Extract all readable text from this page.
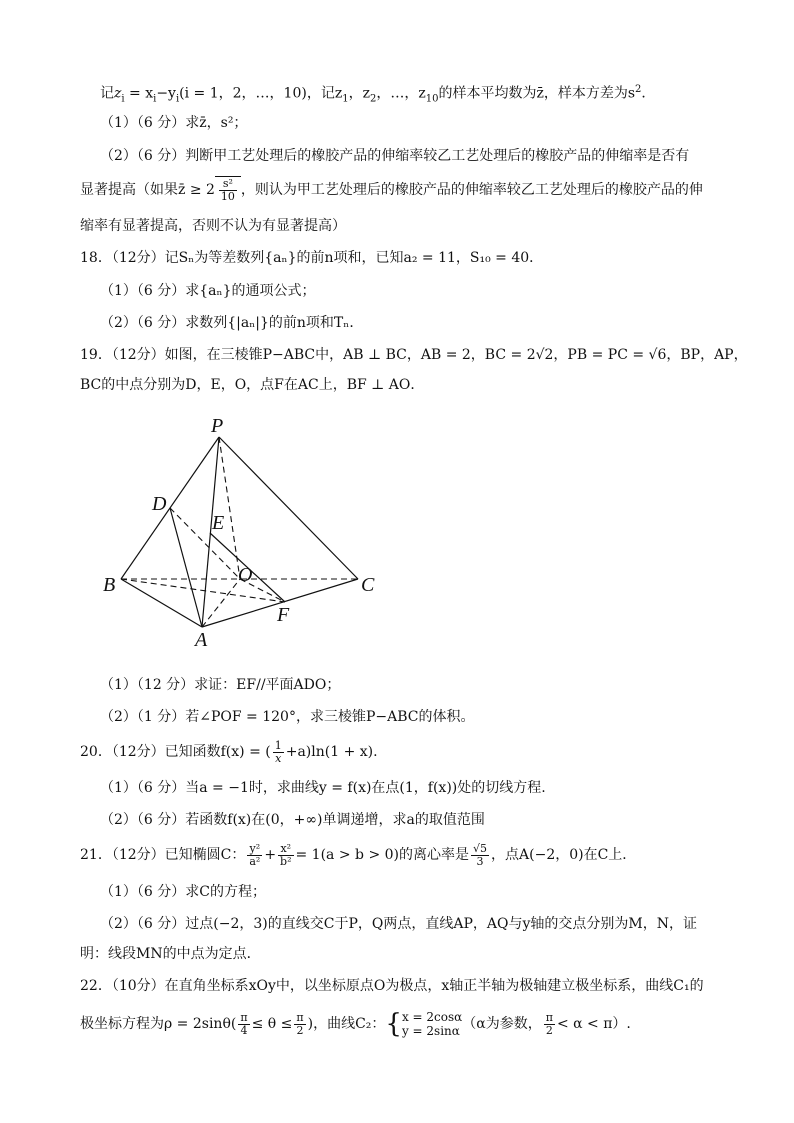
记$z_i = x_i-y_i(i = 1$，2，…，10)，记$z_1$，$z_2$，…，$z_{10}$的样本平均数为z̄，样本方差为$s^2$．
（1）（6 分）求z̄，s²；
（2）（6 分）判断甲工艺处理后的橡胶产品的伸缩率较乙工艺处理后的橡胶产品的伸缩率是否有
显著提高（如果z̄ ≥ $2 \frac{\text{s²}}{10}$ ，则认为甲工艺处理后的橡胶产品的伸缩率较乙工艺处理后的橡胶产品的伸
缩率有显著提高，否则不认为有显著提高）
18．（12分）记Sₙ为等差数列{aₙ}的前n项和，已知a₂ = 11，S₁₀ = 40．
（1）（6 分）求{aₙ}的通项公式；
（2）（6 分）求数列{|aₙ|}的前n项和Tₙ．
19．（12分）如图，在三棱锥P−ABC中，AB ⊥ BC，AB = 2，BC = 2√2，PB = PC = √6，BP，AP，
BC的中点分别为D，E，O，点F在AC上，BF ⊥ AO．
P
D
E
O
B	C
A
F
（1）（12 分）求证：EF//平面ADO；
（2）（1 分）若∠POF = 120°，求三棱锥P−ABC的体积。
20．（12分）已知函数f(x) = ( $\frac{1}{x} +a)\ln(1 + x)$.
（1）（6 分）当a = −1时，求曲线y = f(x)在点(1，f(x))处的切线方程.
（2）（6 分）若函数f(x)在(0，+∞)单调递增，求a的取值范围
21．（12分）已知椭圆C： $\frac{\text{y²}}{\text{a²}} + \frac{\text{x²}}{\text{b²}} = 1(a > b > 0)$的离心率是 $\frac{√5}{3}$ ，点A(−2，0)在C上．
（1）（6 分）求C的方程；
（2）（6 分）过点(−2，3)的直线交C于P，Q两点，直线AP，AQ与y轴的交点分别为M，N，证
明：线段MN的中点为定点．
22．（10分）在直角坐标系xOy中，以坐标原点O为极点，x轴正半轴为极轴建立极坐标系，曲线C₁的
极坐标方程为$\rho = 2\sin\theta( \frac{\pi}{4} \le \theta \le \frac{\pi}{2}$ )，曲线C₂：{ x = 2cosα
y = 2sinα （α为参数， $\frac{\pi}{2} < \alpha < \pi$）.
